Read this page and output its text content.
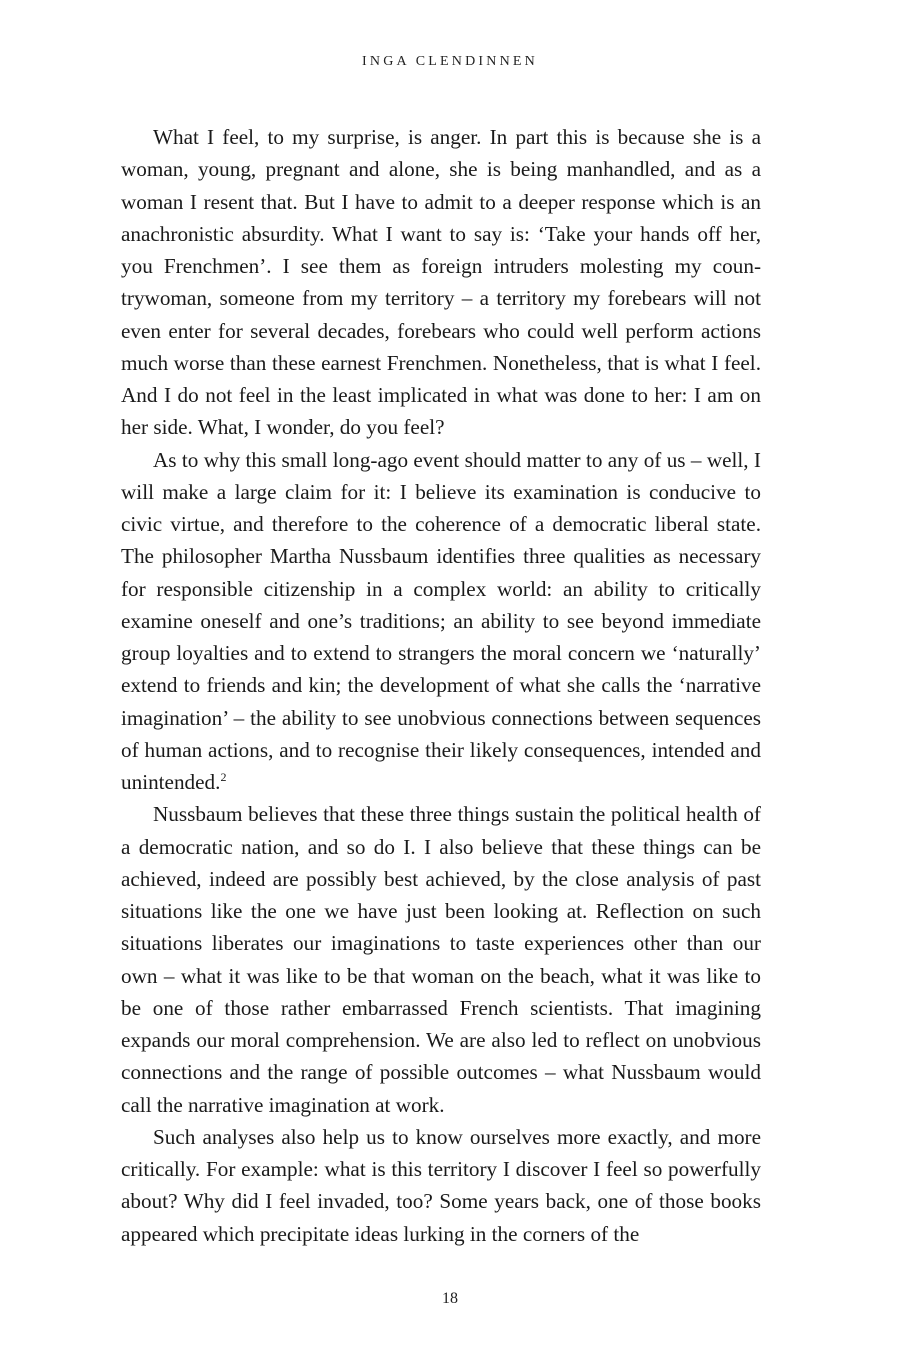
INGA CLENDINNEN

What I feel, to my surprise, is anger. In part this is because she is a woman, young, pregnant and alone, she is being manhandled, and as a woman I resent that. But I have to admit to a deeper response which is an anachronistic absurdity. What I want to say is: ‘Take your hands off her, you Frenchmen’. I see them as foreign intruders molesting my countrywoman, someone from my territory – a territory my forebears will not even enter for several decades, forebears who could well perform actions much worse than these earnest Frenchmen. Nonetheless, that is what I feel. And I do not feel in the least implicated in what was done to her: I am on her side. What, I wonder, do you feel?

As to why this small long-ago event should matter to any of us – well, I will make a large claim for it: I believe its examination is conducive to civic virtue, and therefore to the coherence of a democratic liberal state. The philosopher Martha Nussbaum identifies three qualities as necessary for responsible citizenship in a complex world: an ability to critically examine oneself and one’s traditions; an ability to see beyond immediate group loyalties and to extend to strangers the moral concern we ‘naturally’ extend to friends and kin; the development of what she calls the ‘narrative imagination’ – the ability to see unobvious connections between sequences of human actions, and to recognise their likely consequences, intended and unintended.$^2$

Nussbaum believes that these three things sustain the political health of a democratic nation, and so do I. I also believe that these things can be achieved, indeed are possibly best achieved, by the close analysis of past situations like the one we have just been looking at. Reflection on such situations liberates our imaginations to taste experiences other than our own – what it was like to be that woman on the beach, what it was like to be one of those rather embarrassed French scientists. That imagining expands our moral comprehension. We are also led to reflect on unobvious connections and the range of possible outcomes – what Nussbaum would call the narrative imagination at work.

Such analyses also help us to know ourselves more exactly, and more critically. For example: what is this territory I discover I feel so powerfully about? Why did I feel invaded, too? Some years back, one of those books appeared which precipitate ideas lurking in the corners of the

18
